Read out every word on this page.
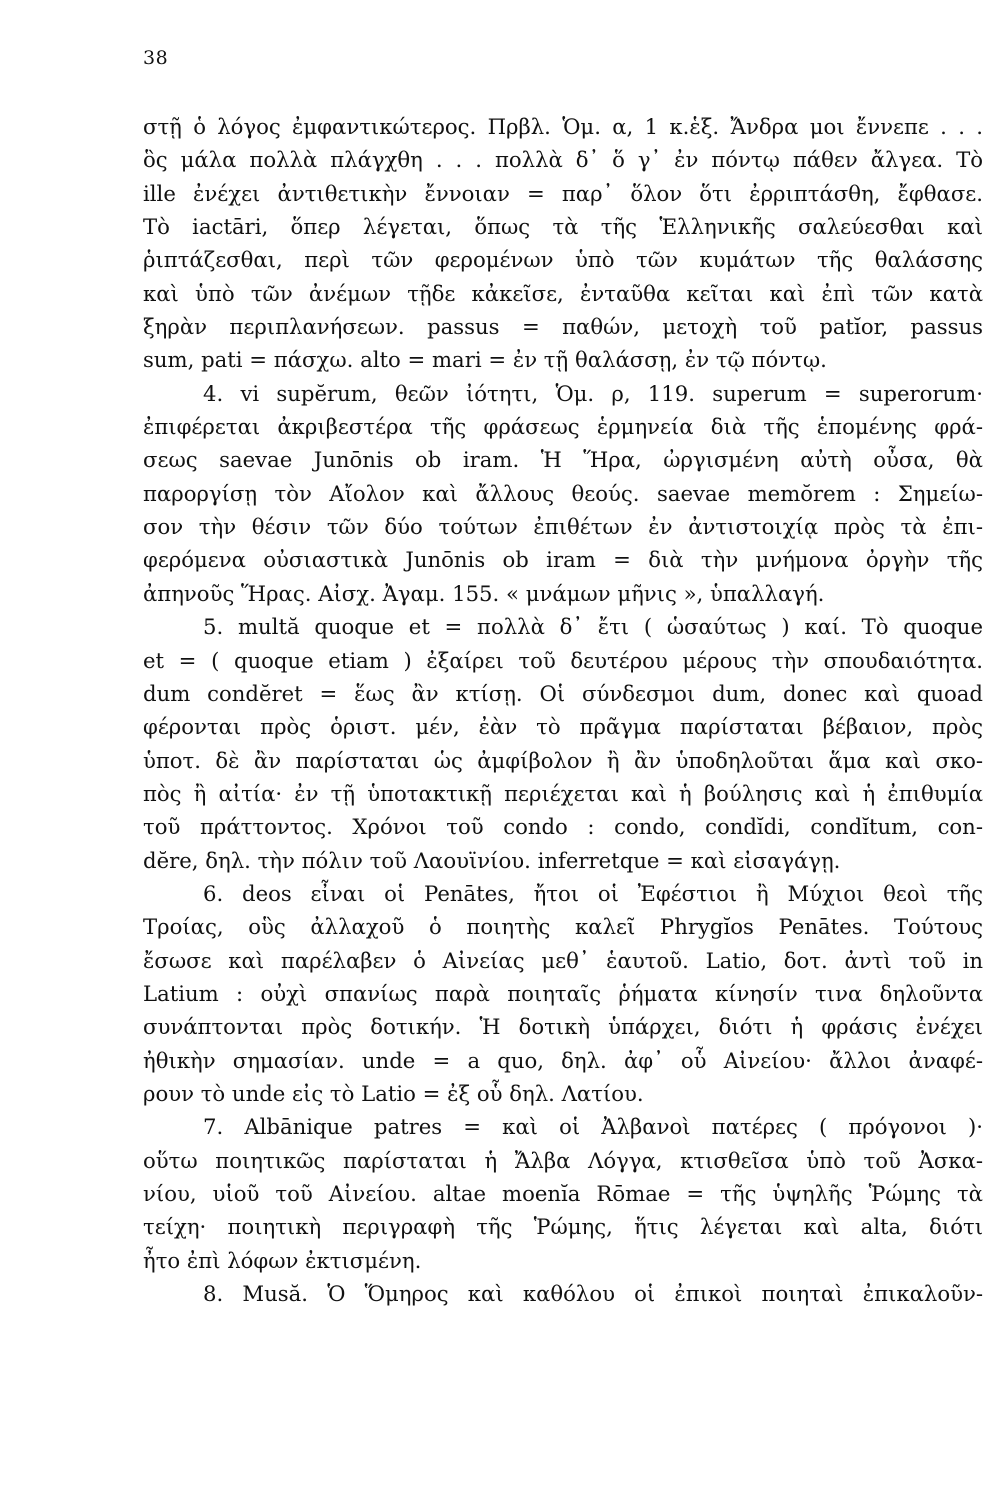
38
στῇ ὁ λόγος ἐμφαντικώτερος. Πρβλ. Ὁμ. α, 1 κ.ἑξ. Ἄνδρα μοι ἔννεπε . . .
ὃς μάλα πολλὰ πλάγχθη . . . πολλὰ δ᾽ ὅ γ᾽ ἐν πόντῳ πάθεν ἄλγεα. Τὸ
ille ἐνέχει ἀντιθετικὴν ἔννοιαν = παρ᾽ ὅλον ὅτι ἐρριπτάσθη, ἔφθασε.
Τὸ iactāri, ὅπερ λέγεται, ὅπως τὰ τῆς Ἑλληνικῆς σαλεύεσθαι καὶ
ῥιπτάζεσθαι, περὶ τῶν φερομένων ὑπὸ τῶν κυμάτων τῆς θαλάσσης
καὶ ὑπὸ τῶν ἀνέμων τῇδε κἀκεῖσε, ἐνταῦθα κεῖται καὶ ἐπὶ τῶν κατὰ
ξηρὰν περιπλανήσεων. passus = παθών, μετοχὴ τοῦ patĭor, passus
sum, pati = πάσχω. alto = mari = ἐν τῇ θαλάσσῃ, ἐν τῷ πόντῳ.
4. vi supĕrum, θεῶν ἰότητι, Ὁμ. ρ, 119. superum = superorum·
ἐπιφέρεται ἀκριβεστέρα τῆς φράσεως ἑρμηνεία διὰ τῆς ἑπομένης φρά-
σεως saevae Junōnis ob iram. Ἡ Ἥρα, ὠργισμένη αὐτὴ οὖσα, θὰ
παροργίσῃ τὸν Αἴολον καὶ ἄλλους θεούς. saevae memŏrem : Σημείω-
σον τὴν θέσιν τῶν δύο τούτων ἐπιθέτων ἐν ἀντιστοιχίᾳ πρὸς τὰ ἐπι-
φερόμενα οὐσιαστικὰ Junōnis ob iram = διὰ τὴν μνήμονα ὀργὴν τῆς
ἀπηνοῦς Ἥρας. Αἰσχ. Ἀγαμ. 155. « μνάμων μῆνις », ὑπαλλαγή.
5. multă quoque et = πολλὰ δ᾽ ἔτι ( ὡσαύτως ) καί. Τὸ quoque
et = ( quoque etiam ) ἐξαίρει τοῦ δευτέρου μέρους τὴν σπουδαιότητα.
dum condĕret = ἕως ἂν κτίσῃ. Οἱ σύνδεσμοι dum, donec καὶ quoad
φέρονται πρὸς ὁριστ. μέν, ἐὰν τὸ πρᾶγμα παρίσταται βέβαιον, πρὸς
ὑποτ. δὲ ἂν παρίσταται ὡς ἀμφίβολον ἢ ἂν ὑποδηλοῦται ἅμα καὶ σκο-
πὸς ἢ αἰτία· ἐν τῇ ὑποτακτικῇ περιέχεται καὶ ἡ βούλησις καὶ ἡ ἐπιθυμία
τοῦ πράττοντος. Χρόνοι τοῦ condo : condo, condĭdi, condĭtum, con-
dĕre, δηλ. τὴν πόλιν τοῦ Λαουϊνίου. inferretque = καὶ εἰσαγάγῃ.
6. deos εἶναι οἱ Penātes, ἤτοι οἱ Ἐφέστιοι ἢ Μύχιοι θεοὶ τῆς
Τροίας, οὓς ἀλλαχοῦ ὁ ποιητὴς καλεῖ Phrygĭos Penātes. Τούτους
ἔσωσε καὶ παρέλαβεν ὁ Αἰνείας μεθ᾽ ἑαυτοῦ. Latio, δοτ. ἀντὶ τοῦ in
Latium : οὐχὶ σπανίως παρὰ ποιηταῖς ῥήματα κίνησίν τινα δηλοῦντα
συνάπτονται πρὸς δοτικήν. Ἡ δοτικὴ ὑπάρχει, διότι ἡ φράσις ἐνέχει
ἠθικὴν σημασίαν. unde = a quo, δηλ. ἀφ᾽ οὗ Αἰνείου· ἄλλοι ἀναφέ-
ρουν τὸ unde εἰς τὸ Latio = ἐξ οὗ δηλ. Λατίου.
7. Albānique patres = καὶ οἱ Ἀλβανοὶ πατέρες ( πρόγονοι )·
οὕτω ποιητικῶς παρίσταται ἡ Ἄλβα Λόγγα, κτισθεῖσα ὑπὸ τοῦ Ἀσκα-
νίου, υἱοῦ τοῦ Αἰνείου. altae moenĭa Rōmae = τῆς ὑψηλῆς Ῥώμης τὰ
τείχη· ποιητικὴ περιγραφὴ τῆς Ῥώμης, ἥτις λέγεται καὶ alta, διότι
ἦτο ἐπὶ λόφων ἐκτισμένη.
8. Musă. Ὁ Ὅμηρος καὶ καθόλου οἱ ἐπικοὶ ποιηταὶ ἐπικαλοῦν-
